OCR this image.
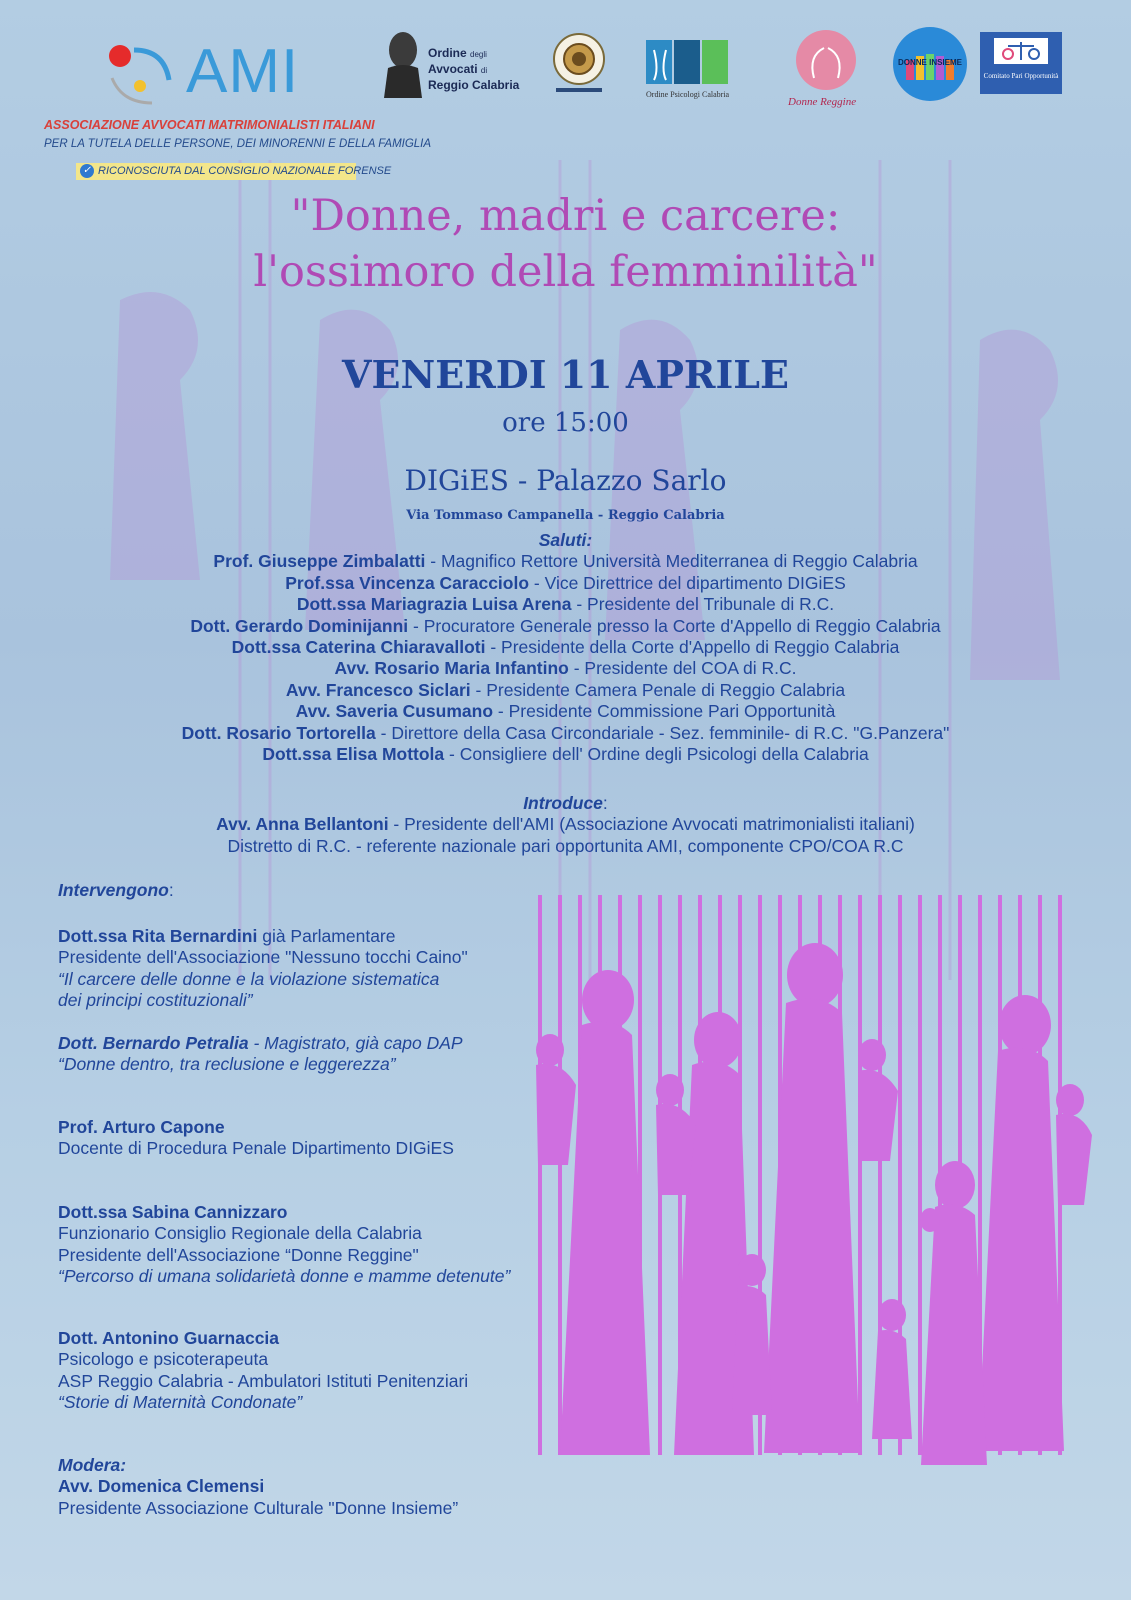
AMI
ASSOCIAZIONE AVVOCATI MATRIMONIALISTI ITALIANI
PER LA TUTELA DELLE PERSONE, DEI MINORENNI E DELLA FAMIGLIA
✓ RICONOSCIUTA DAL CONSIGLIO NAZIONALE FORENSE
Ordine degli
Avvocati di
Reggio Calabria
Ordine Psicologi Calabria
Donne Reggine
DONNE INSIEME
Comitato Pari Opportunità
"Donne, madri e carcere:
l'ossimoro della femminilità"
VENERDI 11 APRILE
ore 15:00
DIGiES - Palazzo Sarlo
Via Tommaso Campanella - Reggio Calabria
Saluti:
Prof. Giuseppe Zimbalatti - Magnifico Rettore Università Mediterranea di Reggio Calabria
Prof.ssa Vincenza Caracciolo - Vice Direttrice del dipartimento DIGiES
Dott.ssa Mariagrazia Luisa Arena - Presidente del Tribunale di R.C.
Dott. Gerardo Dominijanni - Procuratore Generale presso la Corte d'Appello di Reggio Calabria
Dott.ssa Caterina Chiaravalloti - Presidente della Corte d'Appello di Reggio Calabria
Avv. Rosario Maria Infantino - Presidente del COA di R.C.
Avv. Francesco Siclari - Presidente Camera Penale di Reggio Calabria
Avv. Saveria Cusumano - Presidente Commissione Pari Opportunità
Dott. Rosario Tortorella - Direttore della Casa Circondariale - Sez. femminile- di R.C. "G.Panzera"
Dott.ssa Elisa Mottola - Consigliere dell' Ordine degli Psicologi della Calabria
Introduce:
Avv. Anna Bellantoni - Presidente dell'AMI (Associazione Avvocati matrimonialisti italiani)
Distretto di R.C. - referente nazionale pari opportunita AMI, componente CPO/COA R.C
Intervengono:
Dott.ssa Rita Bernardini già Parlamentare
Presidente dell'Associazione "Nessuno tocchi Caino"
“Il carcere delle donne e la violazione sistematica
dei principi costituzionali”
Dott. Bernardo Petralia - Magistrato, già capo DAP
“Donne dentro, tra reclusione e leggerezza”
Prof. Arturo Capone
Docente di Procedura Penale Dipartimento DIGiES
Dott.ssa Sabina Cannizzaro
Funzionario Consiglio Regionale della Calabria
Presidente dell'Associazione “Donne Reggine"
“Percorso di umana solidarietà donne e mamme detenute”
Dott. Antonino Guarnaccia
Psicologo e psicoterapeuta
ASP Reggio Calabria - Ambulatori Istituti Penitenziari
“Storie di Maternità Condonate”
Modera:
Avv. Domenica Clemensi
Presidente Associazione Culturale "Donne Insieme”
